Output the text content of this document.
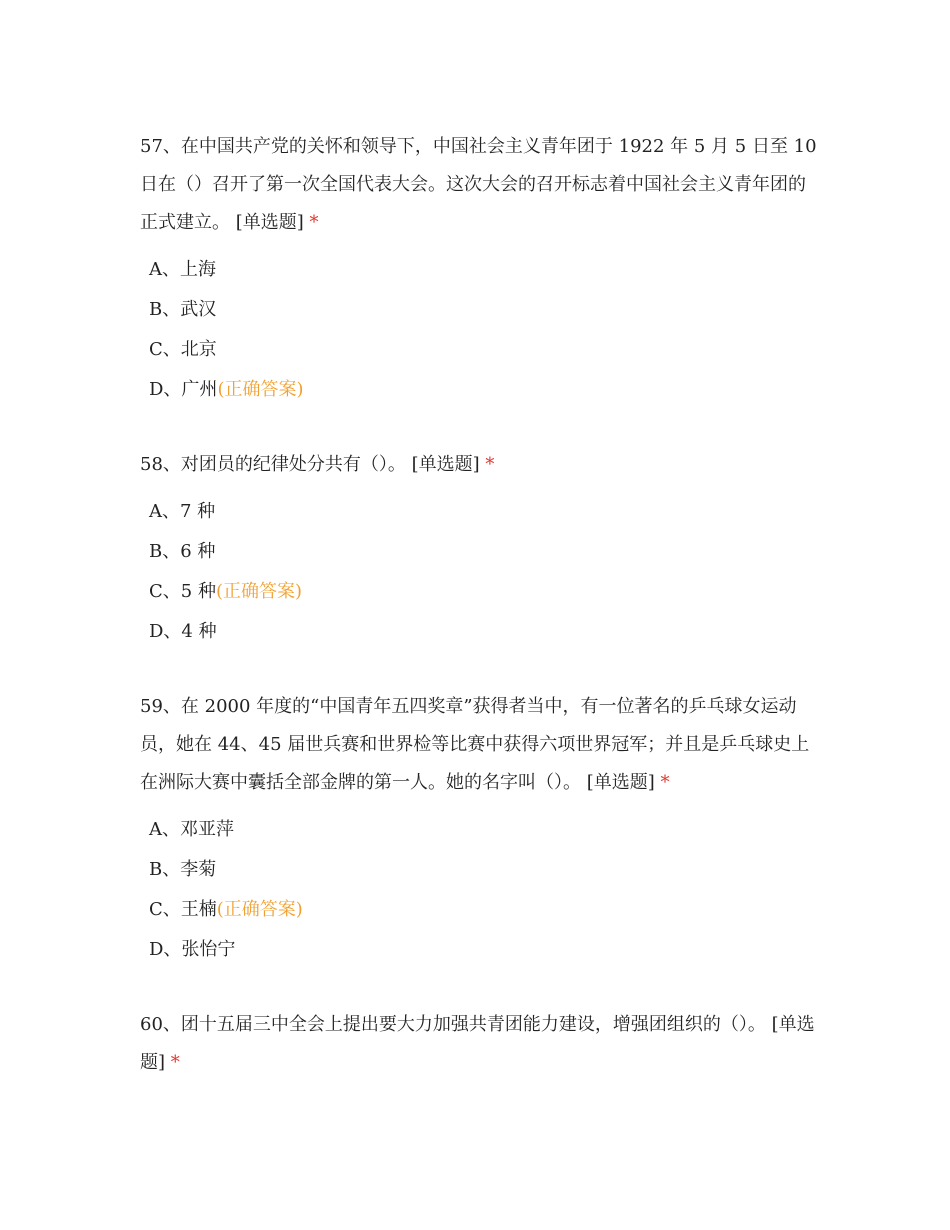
57、在中国共产党的关怀和领导下，中国社会主义青年团于 1922 年 5 月 5 日至 10 日在（）召开了第一次全国代表大会。这次大会的召开标志着中国社会主义青年团的正式建立。 [单选题] *

A、上海
B、武汉
C、北京
D、广州(正确答案)

58、对团员的纪律处分共有（）。 [单选题] *

A、7 种
B、6 种
C、5 种(正确答案)
D、4 种

59、在 2000 年度的“中国青年五四奖章”获得者当中，有一位著名的乒乓球女运动员，她在 44、45 届世兵赛和世界检等比赛中获得六项世界冠军；并且是乒乓球史上在洲际大赛中囊括全部金牌的第一人。她的名字叫（）。 [单选题] *

A、邓亚萍
B、李菊
C、王楠(正确答案)
D、张怡宁

60、团十五届三中全会上提出要大力加强共青团能力建设，增强团组织的（）。 [单选题] *
